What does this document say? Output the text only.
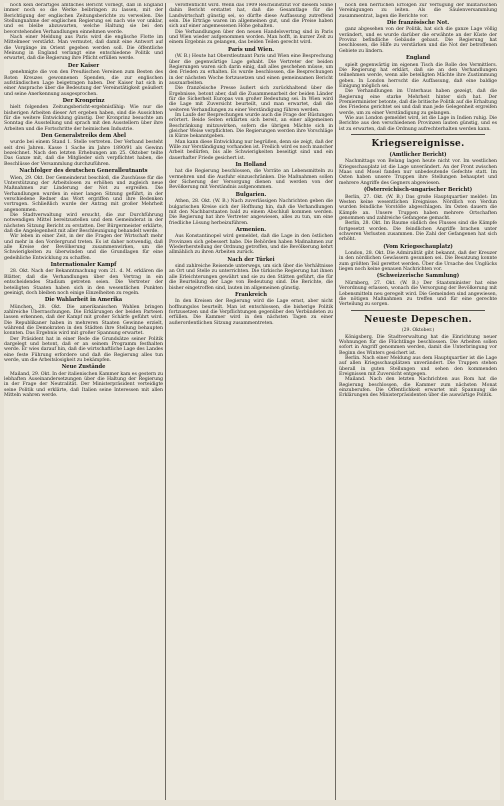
noch kein derartiges amtliches Bericht vorliegt, daß in England immer noch so die Werke beibringen zu lassen, mit der Berichtigung der englischen Zeitungsberichte zu verweilen. Die Stellungnahme der englischen Regierung sei nach wie vor unklar, und es bleibe abzuwarten, welche Haltung sie bei den bevorstehenden Verhandlungen einnehmen werde.

Nach einer Meldung aus Paris wird die englische Flotte im Mittelmeer verstärkt. Man vermutet, daß damit eine Antwort auf die Vorgänge im Orient gegeben werden soll. Die öffentliche Meinung in England verlangt eine entschiedene Politik und erwartet, daß die Regierung ihre Pflicht erfüllen werde.

Der Kaiser

genehmigte die von den Preußischen Vereinen zum Besten des Roten Kreuzes gewonnenen Spenden, die zur englischen aufständischen Lage beigetragen haben. Der Kaiser hat sich in einer Ansprache über die Bedeutung der Vereinstätigkeit geäußert und seine Anerkennung ausgesprochen.

Der Kronprinz

hielt folgenden Zeitungsbericht-ergebnisfähig: Wie nur die bisherigen Arbeiten dieser Art ergeben haben, sind die Aussichten für die weitere Entwicklung günstig. Der Kronprinz besuchte am Sonntag die Ausstellung und sprach mit den Ausstellern über ihre Arbeiten und die Fortschritte der heimischen Industrie.

Den Generalstreiks dem Abel

wurde bei einem Stand 1. Stelle vertreten. Der Verband besteht seit drei Jahren. Kasse 1 Sache im Jahre 1890/91 als Gewinn bezeichnet. Nach den letzten Erhebungen am 25. Oktober teilte Das Ganze mit, daß die Mitglieder sich verpflichtet haben, die Beschlüsse der Versammlung durchzuführen.

Nachfolger des deutschen Generalleutnants

Wien, 29. Okt. Der Gemeinderat beschloß, die Zuschüsse für die Unterstützung der Arbeitslosen zu erhöhen und zugleich neue Maßnahmen zur Linderung der Not zu ergreifen. Die Verhandlungen wurden in einer langen Sitzung geführt, in der verschiedene Redner das Wort ergriffen und ihre Bedenken vortrugen. Schließlich wurde der Antrag mit großer Mehrheit angenommen.

Die Stadtverwaltung wird ersucht, die zur Durchführung notwendigen Mittel bereitzustellen und dem Gemeinderat in der nächsten Sitzung Bericht zu erstatten. Der Bürgermeister erklärte, daß die Angelegenheit mit aller Beschleunigung behandelt werde.

Wir leben in einer Zeit, in der die Fragen der Wirtschaft mehr und mehr in den Vordergrund treten. Es ist daher notwendig, daß alle Kreise der Bevölkerung zusammenwirken, um die Schwierigkeiten zu überwinden und die Grundlagen für eine gedeihliche Entwicklung zu schaffen.

Internationaler Kampf

28. Okt. Nach der Bekanntmachung vom 21. d. M. erklären die Blätter, daß die Verhandlungen über den Vertrag in ein entscheidendes Stadium getreten seien. Die Vertreter der beteiligten Staaten haben sich in den wesentlichen Punkten geeinigt, doch bleiben noch einige Einzelheiten zu regeln.

Die Wahlarbeit in Amerika

München, 28. Okt. Die amerikanischen Wahlen bringen zahlreiche Überraschungen. Die Erklärungen der beiden Parteien lassen erkennen, daß der Kampf mit großer Schärfe geführt wird. Die Republikaner haben in mehreren Staaten Gewinne erzielt, während die Demokraten in den Städten ihre Stellung behaupten konnten. Das Ergebnis wird mit großer Spannung erwartet.

Der Präsident hat in einer Rede die Grundsätze seiner Politik dargelegt und betont, daß er an seinem Programm festhalten werde. Er wies darauf hin, daß die wirtschaftliche Lage des Landes eine feste Führung erfordere und daß die Regierung alles tun werde, um die Arbeitslosigkeit zu bekämpfen.

Neue Zustände

Mailand, 29. Okt. In der italienischen Kammer kam es gestern zu lebhaften Auseinandersetzungen über die Haltung der Regierung in der Frage der Neutralität. Der Ministerpräsident verteidigte seine Politik und erklärte, daß Italien seine Interessen mit allen Mitteln wahren werde.

veröffentlicht wird. Wenn das 1909 Reichsinstitut vor diesem Sinne dahin Bericht erstattet hat, daß die Gesamtlage für die Landwirtschaft günstig sei, so dürfte diese Auffassung zutreffend sein. Die Erträge waren im allgemeinen gut, und die Preise haben sich auf einer angemessenen Höhe gehalten.

Die Verhandlungen über den neuen Handelsvertrag sind in Paris und Wien wieder aufgenommen worden. Man hofft, in kurzer Zeit zu einem Ergebnis zu gelangen, das beiden Teilen gerecht wird.

Paris und Wien.

(W. B.) Heute hat Oberstleutnant Paris und Wien eine Besprechung über die gegenwärtige Lage gehabt. Die Vertreter der beiden Regierungen waren sich darin einig, daß alles geschehen müsse, um den Frieden zu erhalten. Es wurde beschlossen, die Besprechungen in der nächsten Woche fortzusetzen und einen gemeinsamen Bericht auszuarbeiten.

Die französische Presse äußert sich zurückhaltend über die Ergebnisse, betont aber, daß die Zusammenarbeit der beiden Länder für die Sicherheit Europas von großer Bedeutung sei. In Wien wird die Lage mit Zuversicht beurteilt, und man erwartet, daß die weiteren Verhandlungen zu einer Verständigung führen werden.

Im Laufe der Besprechungen wurde auch die Frage der Rüstungen erörtert. Beide Seiten erklärten sich bereit, an einer allgemeinen Beschränkung mitzuwirken, sofern die übrigen Mächte sich in gleicher Weise verpflichten. Die Regierungen werden ihre Vorschläge in Kürze bekanntgeben.

Man kann diese Entwicklung nur begrüßen, denn sie zeigt, daß der Wille zur Verständigung vorhanden ist. Freilich wird es noch mancher Arbeit bedürfen, bis alle Schwierigkeiten beseitigt sind und ein dauerhafter Friede gesichert ist.

In Holland

hat die Regierung beschlossen, die Vorräte an Lebensmitteln zu vermehren und die Ausfuhr einzuschränken. Die Maßnahmen sollen der Sicherung der Versorgung dienen und werden von der Bevölkerung mit Verständnis aufgenommen.

Bulgarien.

Athen, 28. Okt. (W. B.) Nach zuverlässigen Nachrichten geben die bulgarischen Kreise sich der Hoffnung hin, daß die Verhandlungen mit den Nachbarstaaten bald zu einem Abschluß kommen werden. Die Regierung hat ihre Vertreter angewiesen, alles zu tun, um eine friedliche Lösung herbeizuführen.

Armenien.

Aus Konstantinopel wird gemeldet, daß die Lage in den östlichen Provinzen sich gebessert habe. Die Behörden haben Maßnahmen zur Wiederherstellung der Ordnung getroffen, und die Bevölkerung kehrt allmählich zu ihren Arbeiten zurück.

Nach der Türkei

sind zahlreiche Reisende unterwegs, um sich über die Verhältnisse an Ort und Stelle zu unterrichten. Die türkische Regierung hat ihnen alle Erleichterungen gewährt und sie zu den Stätten geführt, die für die Beurteilung der Lage von Bedeutung sind. Die Berichte, die bisher eingetroffen sind, lauten im allgemeinen günstig.

Frankreich

In den Kreisen der Regierung wird die Lage ernst, aber nicht hoffnungslos beurteilt. Man ist entschlossen, die bisherige Politik fortzusetzen und die Verpflichtungen gegenüber den Verbündeten zu erfüllen. Die Kammer wird in den nächsten Tagen zu einer außerordentlichen Sitzung zusammentreten.

noch den herrlichen Erfolgen zur Verfügung der militärischen Vereinigungen zu leiten. Als die Säulenversammlung zusammentrat, lagen die Berichte vor.

Die französische Not.

ganz abgesehen von der Politik, hat sich die ganze Lage völlig verändert, und es wurde darüber die erwähnte an der Küste der Provinz befindliche Gebäude gebaut. Die Regierung hat beschlossen, die Hilfe zu verstärken und die Not der betroffenen Gebiete zu lindern.

England

spielt gegenwärtig im eigenen Tisch die Rolle des Vermittlers. Die Regierung hat erklärt, daß sie an den Verhandlungen teilnehmen werde, wenn alle beteiligten Mächte ihre Zustimmung geben. In London herrscht die Auffassung, daß eine baldige Einigung möglich sei.

Die Verhandlungen im Unterhaus haben gezeigt, daß die Regierung eine starke Mehrheit hinter sich hat. Der Premierminister betonte, daß die britische Politik auf die Erhaltung des Friedens gerichtet sei und daß man jede Gelegenheit ergreifen werde, um zu einer Verständigung zu gelangen.

Wie aus London gemeldet wird, ist die Lage in Indien ruhig. Die Berichte aus den verschiedenen Provinzen lauten günstig, und es ist zu erwarten, daß die Ordnung aufrechterhalten werden kann.

Kriegsereignisse.
(Amtlicher Bericht)

Nachmittags von Belang lagen heute nicht vor. Im westlichen Kriegsschauplatz ist die Lage unverändert. An der Front zwischen Maas und Mosel fanden nur unbedeutende Gefechte statt. Im Osten haben unsere Truppen ihre Stellungen behauptet und mehrere Angriffe des Gegners abgewiesen.

(Österreichisch-ungarischer Bericht)

Berlin, 27. Okt. (W. B.) Das große Hauptquartier meldet: Im Westen keine wesentlichen Ereignisse. Nördlich von Verdun wurden feindliche Vorstöße abgeschlagen. Im Osten dauern die Kämpfe an. Unsere Truppen haben mehrere Ortschaften genommen und zahlreiche Gefangene gemacht.

Berlin, 28. Okt. Im Raume südlich des Flusses sind die Kämpfe fortgesetzt worden. Die feindlichen Angriffe brachen unter schweren Verlusten zusammen. Die Zahl der Gefangenen hat sich erhöht.

(Vom Kriegsschauplatz)

London, 28. Okt. Die Admiralität gibt bekannt, daß der Kreuzer in den nördlichen Gewässern gesunken sei. Die Besatzung konnte zum größten Teil gerettet werden. Über die Ursache des Unglücks liegen noch keine genauen Nachrichten vor.

(Schweizerische Sammlung)

Nürnberg, 27. Okt. (W. B.) Der Staatsminister hat eine Verordnung erlassen, wonach die Versorgung der Bevölkerung mit Lebensmitteln neu geregelt wird. Die Gemeinden sind angewiesen, die nötigen Maßnahmen zu treffen und für eine gerechte Verteilung zu sorgen.

Neueste Depeschen.
(29. Oktober.)

Königsberg. Die Stadtverwaltung hat die Einrichtung neuer Wohnungen für die Flüchtlinge beschlossen. Die Arbeiten sollen sofort in Angriff genommen werden, damit die Unterbringung vor Beginn des Winters gesichert ist.

Berlin. Nach einer Meldung aus dem Hauptquartier ist die Lage auf allen Kriegsschauplätzen unverändert. Die Truppen stehen überall in guten Stellungen und sehen den kommenden Ereignissen mit Zuversicht entgegen.

Mailand. Nach den letzten Nachrichten aus Rom hat die Regierung beschlossen, die Kammer zum nächsten Monat einzuberufen. Die Öffentlichkeit erwartet mit Spannung die Erklärungen des Ministerpräsidenten über die auswärtige Politik.
